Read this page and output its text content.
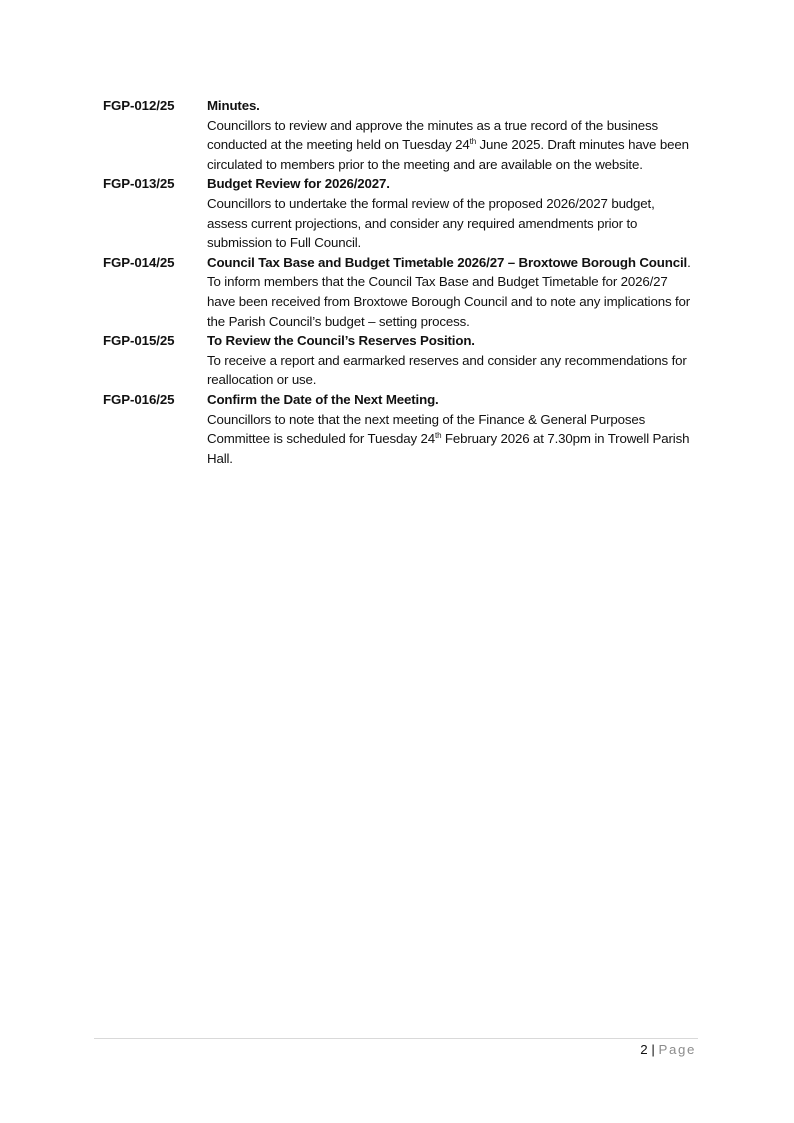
FGP-012/25	Minutes.
Councillors to review and approve the minutes as a true record of the business conducted at the meeting held on Tuesday 24th June 2025. Draft minutes have been circulated to members prior to the meeting and are available on the website.
FGP-013/25	Budget Review for 2026/2027.
Councillors to undertake the formal review of the proposed 2026/2027 budget, assess current projections, and consider any required amendments prior to submission to Full Council.
FGP-014/25	Council Tax Base and Budget Timetable 2026/27 – Broxtowe Borough Council.
To inform members that the Council Tax Base and Budget Timetable for 2026/27 have been received from Broxtowe Borough Council and to note any implications for the Parish Council’s budget – setting process.
FGP-015/25	To Review the Council’s Reserves Position.
To receive a report and earmarked reserves and consider any recommendations for reallocation or use.
FGP-016/25	Confirm the Date of the Next Meeting.
Councillors to note that the next meeting of the Finance & General Purposes Committee is scheduled for Tuesday 24th February 2026 at 7.30pm in Trowell Parish Hall.
2 | Page
